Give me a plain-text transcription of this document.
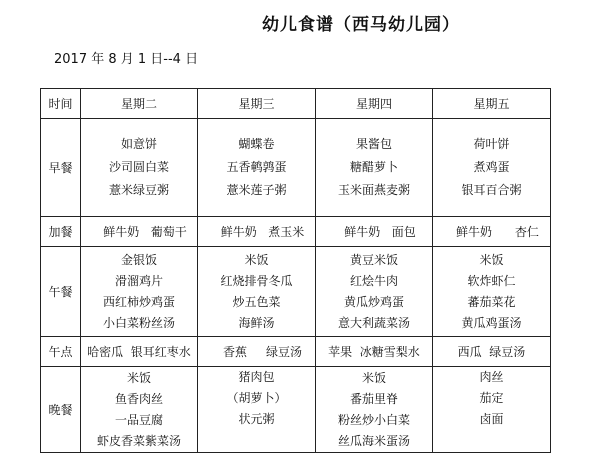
幼儿食谱（西马幼儿园）
2017 年 8 月 1 日--4 日
时间	星期二	星期三	星期四	星期五
早餐	如意饼
沙司圆白菜
薏米绿豆粥	蝴蝶卷
五香鹌鹑蛋
薏米莲子粥	果酱包
糖醋萝卜
玉米面燕麦粥	荷叶饼
煮鸡蛋
银耳百合粥

加餐	鲜牛奶   葡萄干	鲜牛奶   煮玉米	鲜牛奶   面包	鲜牛奶      杏仁
午餐	金银饭
滑溜鸡片
西红柿炒鸡蛋
小白菜粉丝汤	米饭
红烧排骨冬瓜
炒五色菜
海鲜汤	黄豆米饭
红烩牛肉
黄瓜炒鸡蛋
意大利蔬菜汤	米饭
软炸虾仁
蕃茄菜花
黄瓜鸡蛋汤

午点	哈密瓜  银耳红枣水	香蕉     绿豆汤	苹果  冰糖雪梨水	西瓜  绿豆汤
晚餐	米饭
鱼香肉丝
一品豆腐
虾皮香菜紫菜汤	猪肉包
（胡萝卜）
状元粥	米饭
番茄里脊
粉丝炒小白菜
丝瓜海米蛋汤	肉丝
茄定
卤面
